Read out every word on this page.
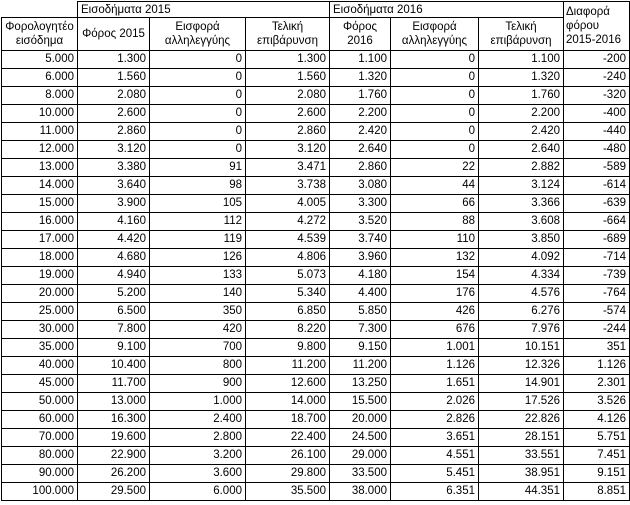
	Εισοδήματα 2015			Εισοδήματα 2016			Διαφορά φόρου 2015-2016
Φορολογητέο εισόδημα	Φόρος 2015	Εισφορά αλληλεγγύης	Τελική επιβάρυνση	Φόρος 2016	Εισφορά αλληλεγγύης	Τελική επιβάρυνση	
5.000	1.300	0	1.300	1.100	0	1.100	-200
6.000	1.560	0	1.560	1.320	0	1.320	-240
8.000	2.080	0	2.080	1.760	0	1.760	-320
10.000	2.600	0	2.600	2.200	0	2.200	-400
11.000	2.860	0	2.860	2.420	0	2.420	-440
12.000	3.120	0	3.120	2.640	0	2.640	-480
13.000	3.380	91	3.471	2.860	22	2.882	-589
14.000	3.640	98	3.738	3.080	44	3.124	-614
15.000	3.900	105	4.005	3.300	66	3.366	-639
16.000	4.160	112	4.272	3.520	88	3.608	-664
17.000	4.420	119	4.539	3.740	110	3.850	-689
18.000	4.680	126	4.806	3.960	132	4.092	-714
19.000	4.940	133	5.073	4.180	154	4.334	-739
20.000	5.200	140	5.340	4.400	176	4.576	-764
25.000	6.500	350	6.850	5.850	426	6.276	-574
30.000	7.800	420	8.220	7.300	676	7.976	-244
35.000	9.100	700	9.800	9.150	1.001	10.151	351
40.000	10.400	800	11.200	11.200	1.126	12.326	1.126
45.000	11.700	900	12.600	13.250	1.651	14.901	2.301
50.000	13.000	1.000	14.000	15.500	2.026	17.526	3.526
60.000	16.300	2.400	18.700	20.000	2.826	22.826	4.126
70.000	19.600	2.800	22.400	24.500	3.651	28.151	5.751
80.000	22.900	3.200	26.100	29.000	4.551	33.551	7.451
90.000	26.200	3.600	29.800	33.500	5.451	38.951	9.151
100.000	29.500	6.000	35.500	38.000	6.351	44.351	8.851
